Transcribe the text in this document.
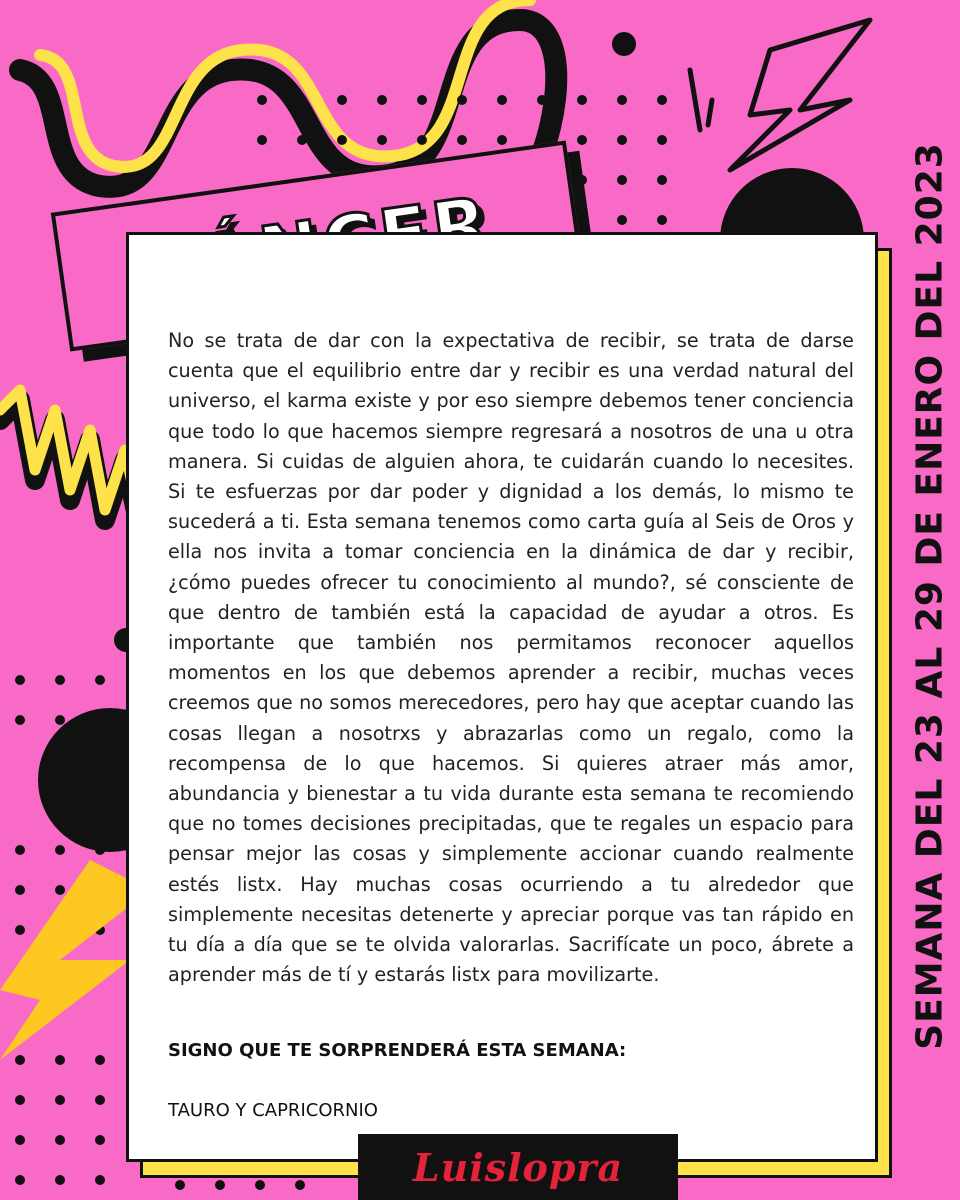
No se trata de dar con la expectativa de recibir, se trata de darse cuenta que el equilibrio entre dar y recibir es una verdad natural del universo, el karma existe y por eso siempre debemos tener conciencia que todo lo que hacemos siempre regresará a nosotros de una u otra manera. Si cuidas de alguien ahora, te cuidarán cuando lo necesites. Si te esfuerzas por dar poder y dignidad a los demás, lo mismo te sucederá a ti. Esta semana tenemos como carta guía al Seis de Oros y ella nos invita a tomar conciencia en la dinámica de dar y recibir, ¿cómo puedes ofrecer tu conocimiento al mundo?, sé consciente de que dentro de también está la capacidad de ayudar a otros. Es importante que también nos permitamos reconocer aquellos momentos en los que debemos aprender a recibir, muchas veces creemos que no somos merecedores, pero hay que aceptar cuando las cosas llegan a nosotrxs y abrazarlas como un regalo, como la recompensa de lo que hacemos. Si quieres atraer más amor, abundancia y bienestar a tu vida durante esta semana te recomiendo que no tomes decisiones precipitadas, que te regales un espacio para pensar mejor las cosas y simplemente accionar cuando realmente estés listx. Hay muchas cosas ocurriendo a tu alrededor que simplemente necesitas detenerte y apreciar porque vas tan rápido en tu día a día que se te olvida valorarlas. Sacrifícate un poco, ábrete a aprender más de tí y estarás listx para movilizarte.

SIGNO QUE TE SORPRENDERÁ ESTA SEMANA:

TAURO Y CAPRICORNIO

Luislopra
SEMANA DEL 23 AL 29 DE ENERO DEL 2023
